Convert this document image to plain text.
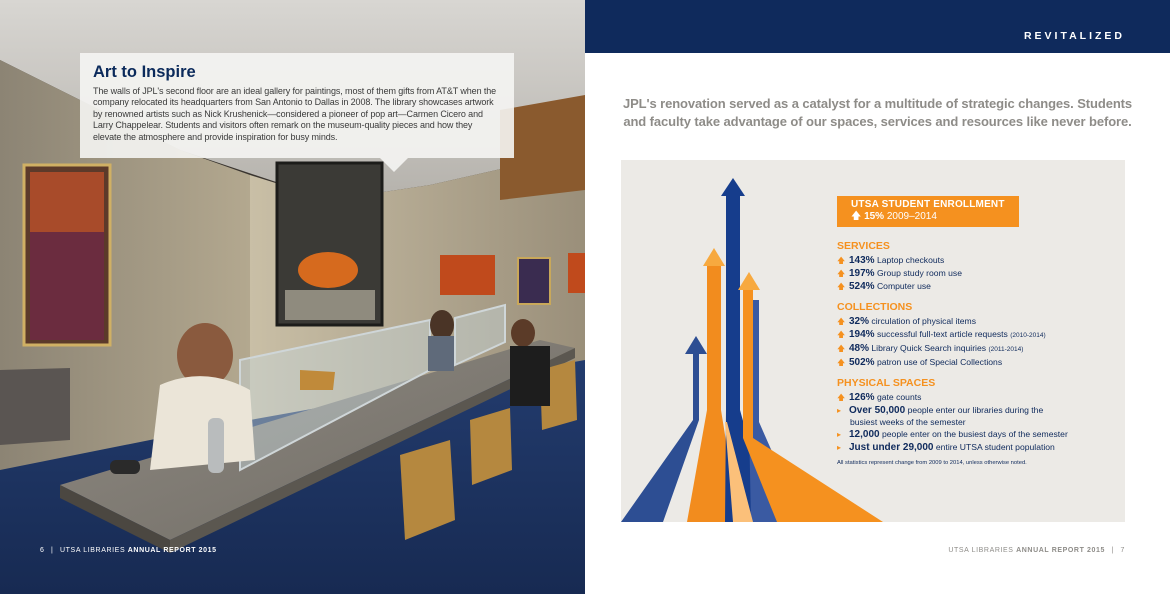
Art to Inspire
The walls of JPL's second floor are an ideal gallery for paintings, most of them gifts from AT&T when the company relocated its headquarters from San Antonio to Dallas in 2008. The library showcases artwork by renowned artists such as Nick Krushenick—considered a pioneer of pop art—Carmen Cicero and Larry Chappelear. Students and visitors often remark on the museum-quality pieces and how they elevate the atmosphere and provide inspiration for busy minds.
6 | UTSA LIBRARIES ANNUAL REPORT 2015
REVITALIZED
JPL's renovation served as a catalyst for a multitude of strategic changes. Students and faculty take advantage of our spaces, services and resources like never before.
UTSA STUDENT ENROLLMENT
🡅 15% 2009–2014
SERVICES
🡅 143% Laptop checkouts
🡅 197% Group study room use
🡅 524% Computer use
COLLECTIONS
🡅 32% circulation of physical items
🡅 194% successful full-text article requests (2010-2014)
🡅 48% Library Quick Search inquiries (2011-2014)
🡅 502% patron use of Special Collections
PHYSICAL SPACES
🡅 126% gate counts
▸ Over 50,000 people enter our libraries during the
busiest weeks of the semester
▸ 12,000 people enter on the busiest days of the semester
▸ Just under 29,000 entire UTSA student population
All statistics represent change from 2009 to 2014, unless otherwise noted.
UTSA LIBRARIES ANNUAL REPORT 2015 | 7
